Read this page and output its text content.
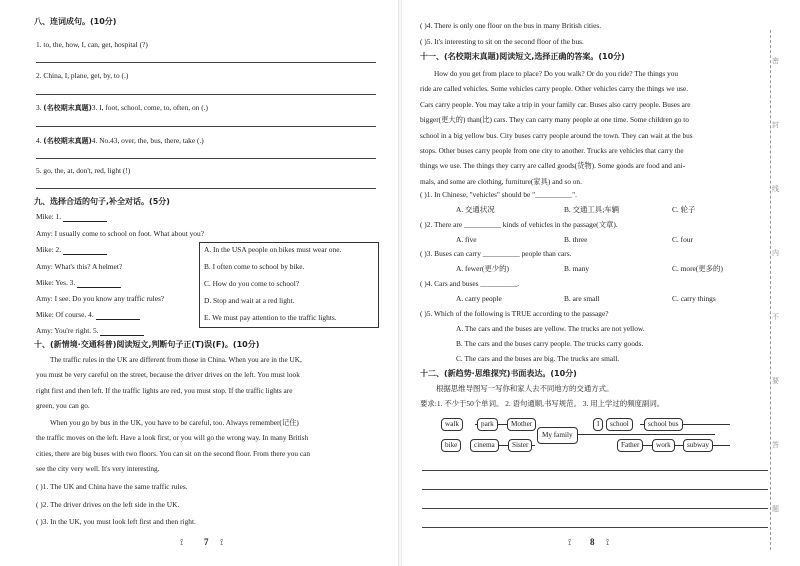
八、连词成句。(10分)
1. to, the, how, I, can, get, hospital (?)
2. China, I, plane, get, by, to (.)
3. (名校期末真题)3. I, foot, school, come, to, often, on (.)
4. (名校期末真题)4. No.43, over, the, bus, there, take (.)
5. go, the, at, don't, red, light (!)
九、选择合适的句子,补全对话。(5分)
Mike: 1.
Amy: I usually come to school on foot. What about you?
Mike: 2.
Amy: What's this? A helmet?
Mike: Yes. 3.
Amy: I see. Do you know any traffic rules?
Mike: Of course. 4.
Amy: You're right. 5.
A. In the USA people on bikes must wear one.
B. I often come to school by bike.
C. How do you come to school?
D. Stop and wait at a red light.
E. We must pay attention to the traffic lights.
十、(新情境·交通科普)阅读短文,判断句子正(T)误(F)。(10分)
The traffic rules in the UK are different from those in China. When you are in the UK,
you must be very careful on the street, because the driver drives on the left. You must look
right first and then left. If the traffic lights are red, you must stop. If the traffic lights are
green, you can go.
When you go by bus in the UK, you have to be careful, too. Always remember(记住)
the traffic moves on the left. Have a look first, or you will go the wrong way. In many British
cities, there are big buses with two floors. You can sit on the second floor. From there you can
see the city very well. It's very interesting.
( )1. The UK and China have the same traffic rules.
( )2. The driver drives on the left side in the UK.
( )3. In the UK, you must look left first and then right.
⟟ 7 ⟟
( )4. There is only one floor on the bus in many British cities.
( )5. It's interesting to sit on the second floor of the bus.
十一、(名校期末真题)阅读短文,选择正确的答案。(10分)
How do you get from place to place? Do you walk? Or do you ride? The things you
ride are called vehicles. Some vehicles carry people. Other vehicles carry the things we use.
Cars carry people. You may take a trip in your family car. Buses also carry people. Buses are
bigger(更大的) than(比) cars. They can carry many people at one time. Some children go to
school in a big yellow bus. City buses carry people around the town. They can wait at the bus
stops. Other buses carry people from one city to another. Trucks are vehicles that carry the
things we use. The things they carry are called goods(货物). Some goods are food and ani-
mals, and some are clothing, furniture(家具) and so on.
( )1. In Chinese, "vehicles" should be "__________".
A. 交通状况	B. 交通工具;车辆	C. 轮子
( )2. There are __________ kinds of vehicles in the passage(文章).
A. five	B. three	C. four
( )3. Buses can carry __________ people than cars.
A. fewer(更少的)	B. many	C. more(更多的)
( )4. Cars and buses __________.
A. carry people	B. are small	C. carry things
( )5. Which of the following is TRUE according to the passage?
A. The cars and the buses are yellow. The trucks are not yellow.
B. The cars and the buses carry people. The trucks carry goods.
C. The cars and the buses are big. The trucks are small.
十二、(新趋势·思维探究)书面表达。(10分)
根据思维导图写一写你和家人去不同地方的交通方式。
要求:1. 不少于50个单词。 2. 语句通顺,书写规范。 3. 用上学过的频度副词。
walk	park	Mother
bike	cinema	Sister
My family
I	school	school bus
Father	work	subway
⟟ 8 ⟟
密
封
线
内
不
要
答
题
